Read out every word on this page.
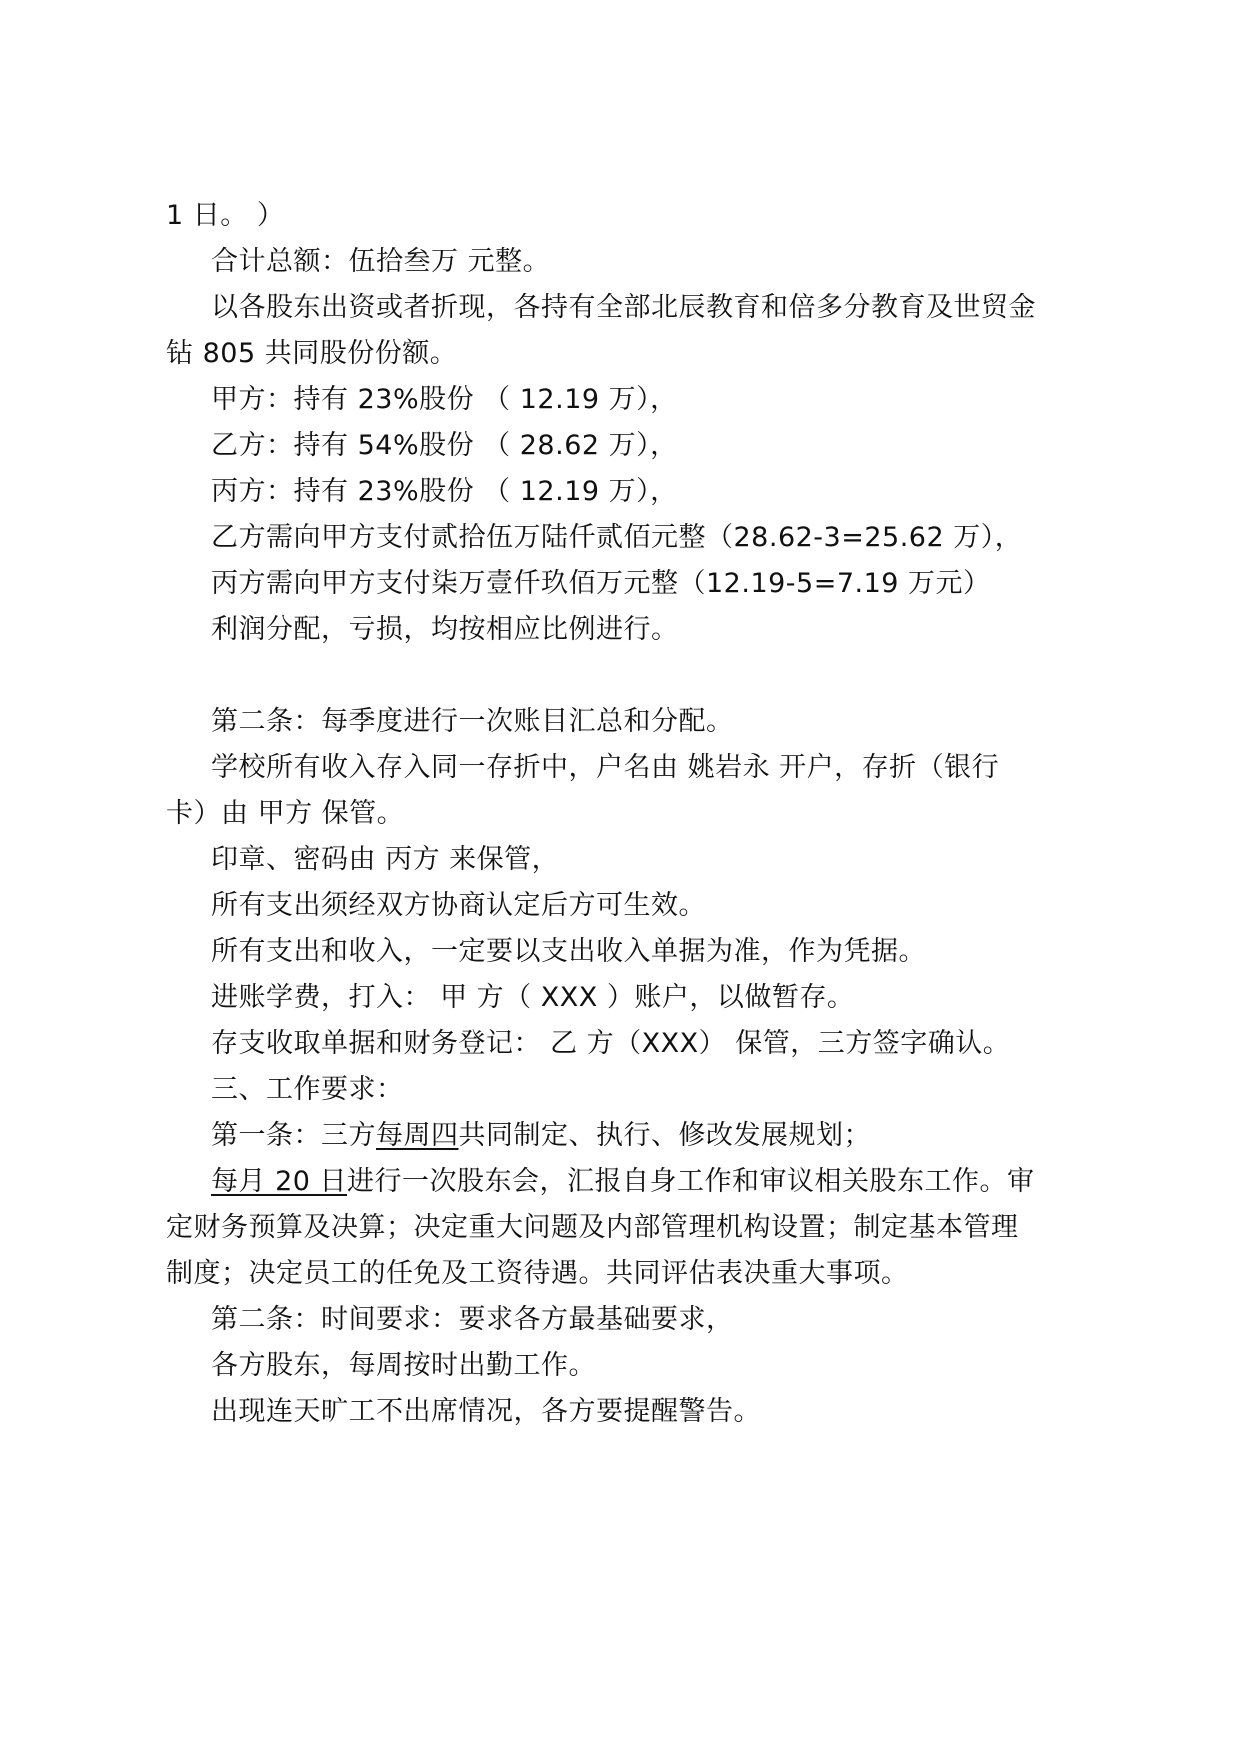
1 日。 ）
合计总额：伍拾叁万 元整。
以各股东出资或者折现，各持有全部北辰教育和倍多分教育及世贸金
钻 805 共同股份份额。
甲方：持有 23%股份 （ 12.19 万），
乙方：持有 54%股份 （ 28.62 万），
丙方：持有 23%股份 （ 12.19 万），
乙方需向甲方支付贰拾伍万陆仟贰佰元整（28.62-3=25.62 万），
丙方需向甲方支付柒万壹仟玖佰万元整（12.19-5=7.19 万元）
利润分配，亏损，均按相应比例进行。
第二条：每季度进行一次账目汇总和分配。
学校所有收入存入同一存折中，户名由 姚岩永 开户，存折（银行
卡）由 甲方 保管。
印章、密码由 丙方 来保管，
所有支出须经双方协商认定后方可生效。
所有支出和收入，一定要以支出收入单据为准，作为凭据。
进账学费，打入： 甲 方（ XXX ）账户，以做暂存。
存支收取单据和财务登记： 乙 方（XXX） 保管，三方签字确认。
三、工作要求：
第一条：三方每周四共同制定、执行、修改发展规划；
每月 20 日进行一次股东会，汇报自身工作和审议相关股东工作。审
定财务预算及决算；决定重大问题及内部管理机构设置；制定基本管理
制度；决定员工的任免及工资待遇。共同评估表决重大事项。
第二条：时间要求：要求各方最基础要求，
各方股东，每周按时出勤工作。
出现连天旷工不出席情况，各方要提醒警告。
